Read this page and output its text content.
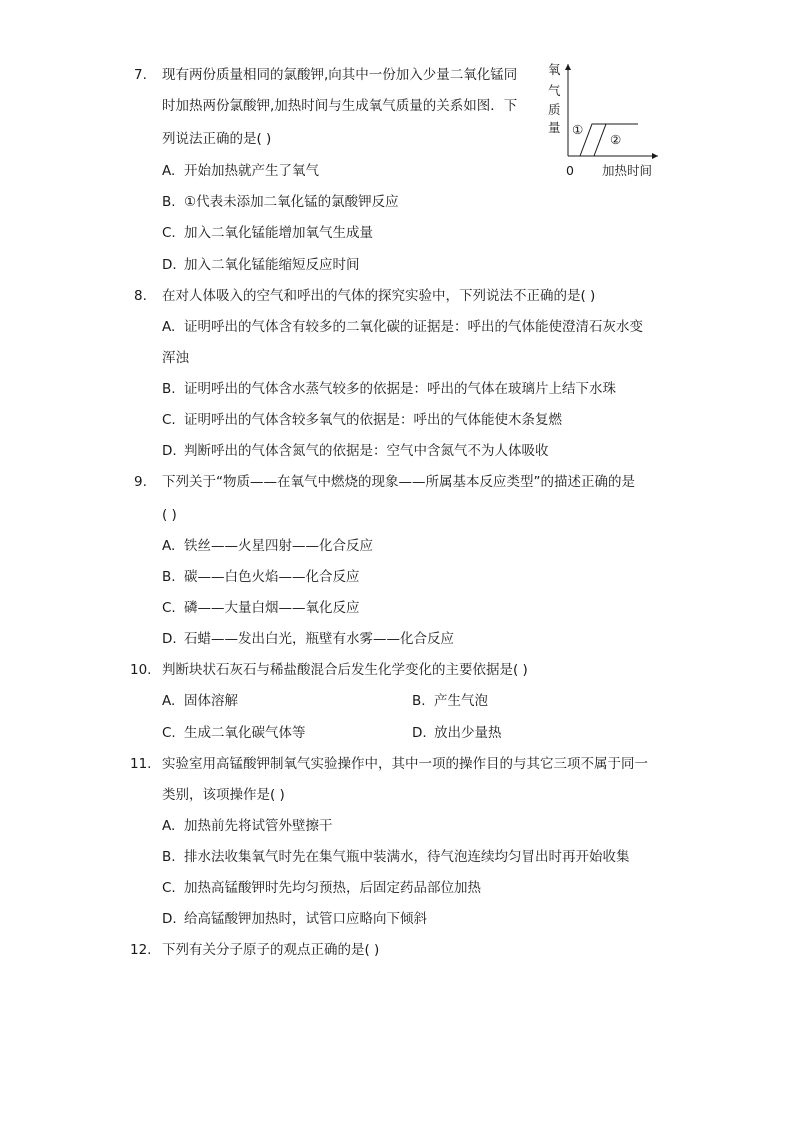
7. 现有两份质量相同的氯酸钾,向其中一份加入少量二氧化锰同
时加热两份氯酸钾,加热时间与生成氧气质量的关系如图．下
列说法正确的是( )
A. 开始加热就产生了氧气
B. ①代表未添加二氧化锰的氯酸钾反应
C. 加入二氧化锰能增加氧气生成量
D. 加入二氧化锰能缩短反应时间
氧
气
质
量 ①
②
0 加热时间
8. 在对人体吸入的空气和呼出的气体的探究实验中，下列说法不正确的是( )
A. 证明呼出的气体含有较多的二氧化碳的证据是：呼出的气体能使澄清石灰水变
浑浊
B. 证明呼出的气体含水蒸气较多的依据是：呼出的气体在玻璃片上结下水珠
C. 证明呼出的气体含较多氧气的依据是：呼出的气体能使木条复燃
D. 判断呼出的气体含氮气的依据是：空气中含氮气不为人体吸收
9. 下列关于“物质——在氧气中燃烧的现象——所属基本反应类型”的描述正确的是
( )
A. 铁丝——火星四射——化合反应
B. 碳——白色火焰——化合反应
C. 磷——大量白烟——氧化反应
D. 石蜡——发出白光，瓶壁有水雾——化合反应
10. 判断块状石灰石与稀盐酸混合后发生化学变化的主要依据是( )
A. 固体溶解	B. 产生气泡
C. 生成二氧化碳气体等	D. 放出少量热
11. 实验室用高锰酸钾制氧气实验操作中，其中一项的操作目的与其它三项不属于同一
类别，该项操作是( )
A. 加热前先将试管外壁擦干
B. 排水法收集氧气时先在集气瓶中装满水，待气泡连续均匀冒出时再开始收集
C. 加热高锰酸钾时先均匀预热，后固定药品部位加热
D. 给高锰酸钾加热时，试管口应略向下倾斜
12. 下列有关分子原子的观点正确的是( )
